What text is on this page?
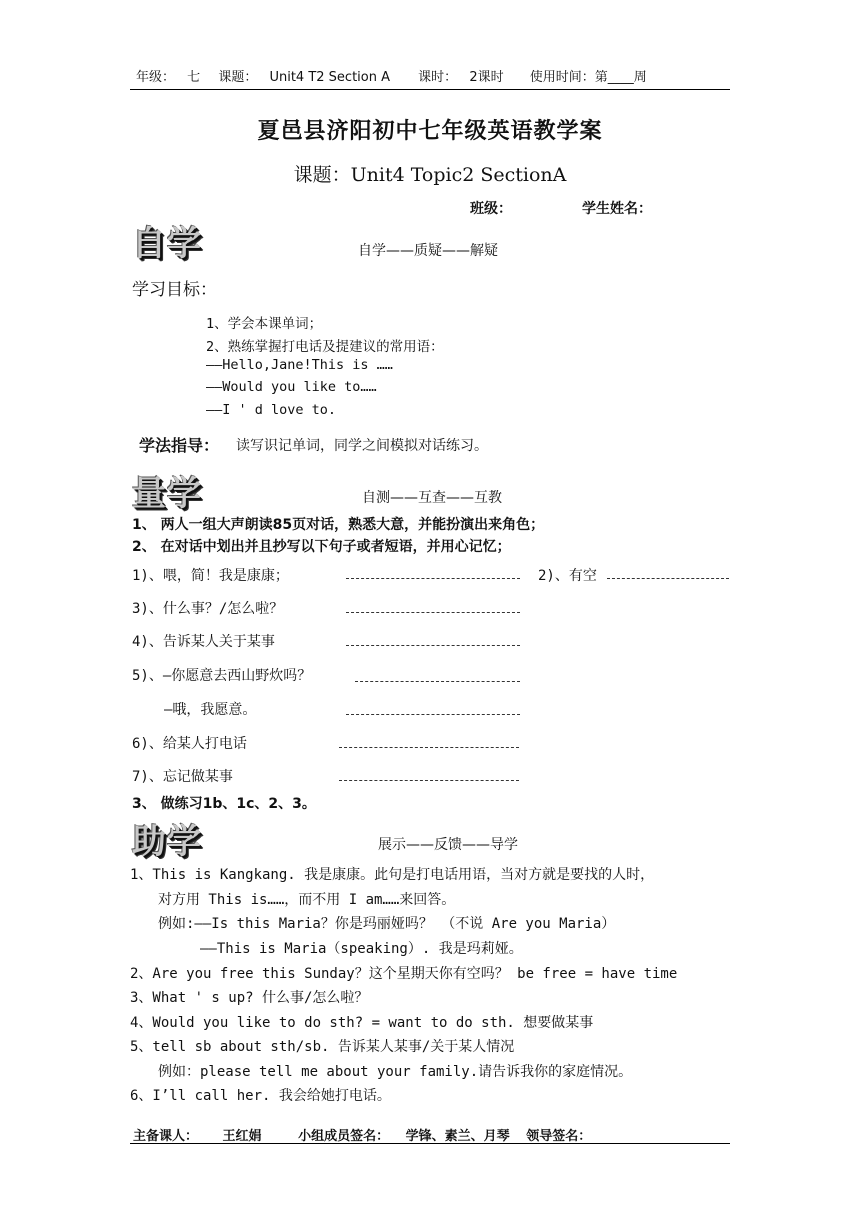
年级： 七 课题： Unit4 T2 Section A 课时： 2课时 使用时间：第____周
夏邑县济阳初中七年级英语教学案
课题：Unit4 Topic2 SectionA
班级：	学生姓名：
自学	自学——质疑——解疑
学习目标：
1、学会本课单词；
2、熟练掌握打电话及提建议的常用语：
——Hello,Jane!This is ……
——Would you like to……
——I ' d love to.
学法指导： 读写识记单词，同学之间模拟对话练习。
量学	自测——互查——互教
1、 两人一组大声朗读85页对话，熟悉大意，并能扮演出来角色；
2、 在对话中划出并且抄写以下句子或者短语，并用心记忆；
1)、喂，简！我是康康；	2)、有空
3)、什么事？/怎么啦？
4)、告诉某人关于某事
5)、—你愿意去西山野炊吗？
—哦，我愿意。
6)、给某人打电话
7)、忘记做某事
3、 做练习1b、1c、2、3。
助学	展示——反馈——导学
1、This is Kangkang. 我是康康。此句是打电话用语，当对方就是要找的人时，
对方用 This is……，而不用 I am……来回答。
例如:——Is this Maria？你是玛丽娅吗？ （不说 Are you Maria）
——This is Maria（speaking）. 我是玛莉娅。
2、Are you free this Sunday？这个星期天你有空吗？ be free = have time
3、What ' s up? 什么事/怎么啦？
4、Would you like to do sth? = want to do sth. 想要做某事
5、tell sb about sth/sb. 告诉某人某事/关于某人情况
例如：please tell me about your family.请告诉我你的家庭情况。
6、I’ll call her. 我会给她打电话。
主备课人： 王红娟	小组成员签名： 学锋、素兰、月琴 领导签名：
